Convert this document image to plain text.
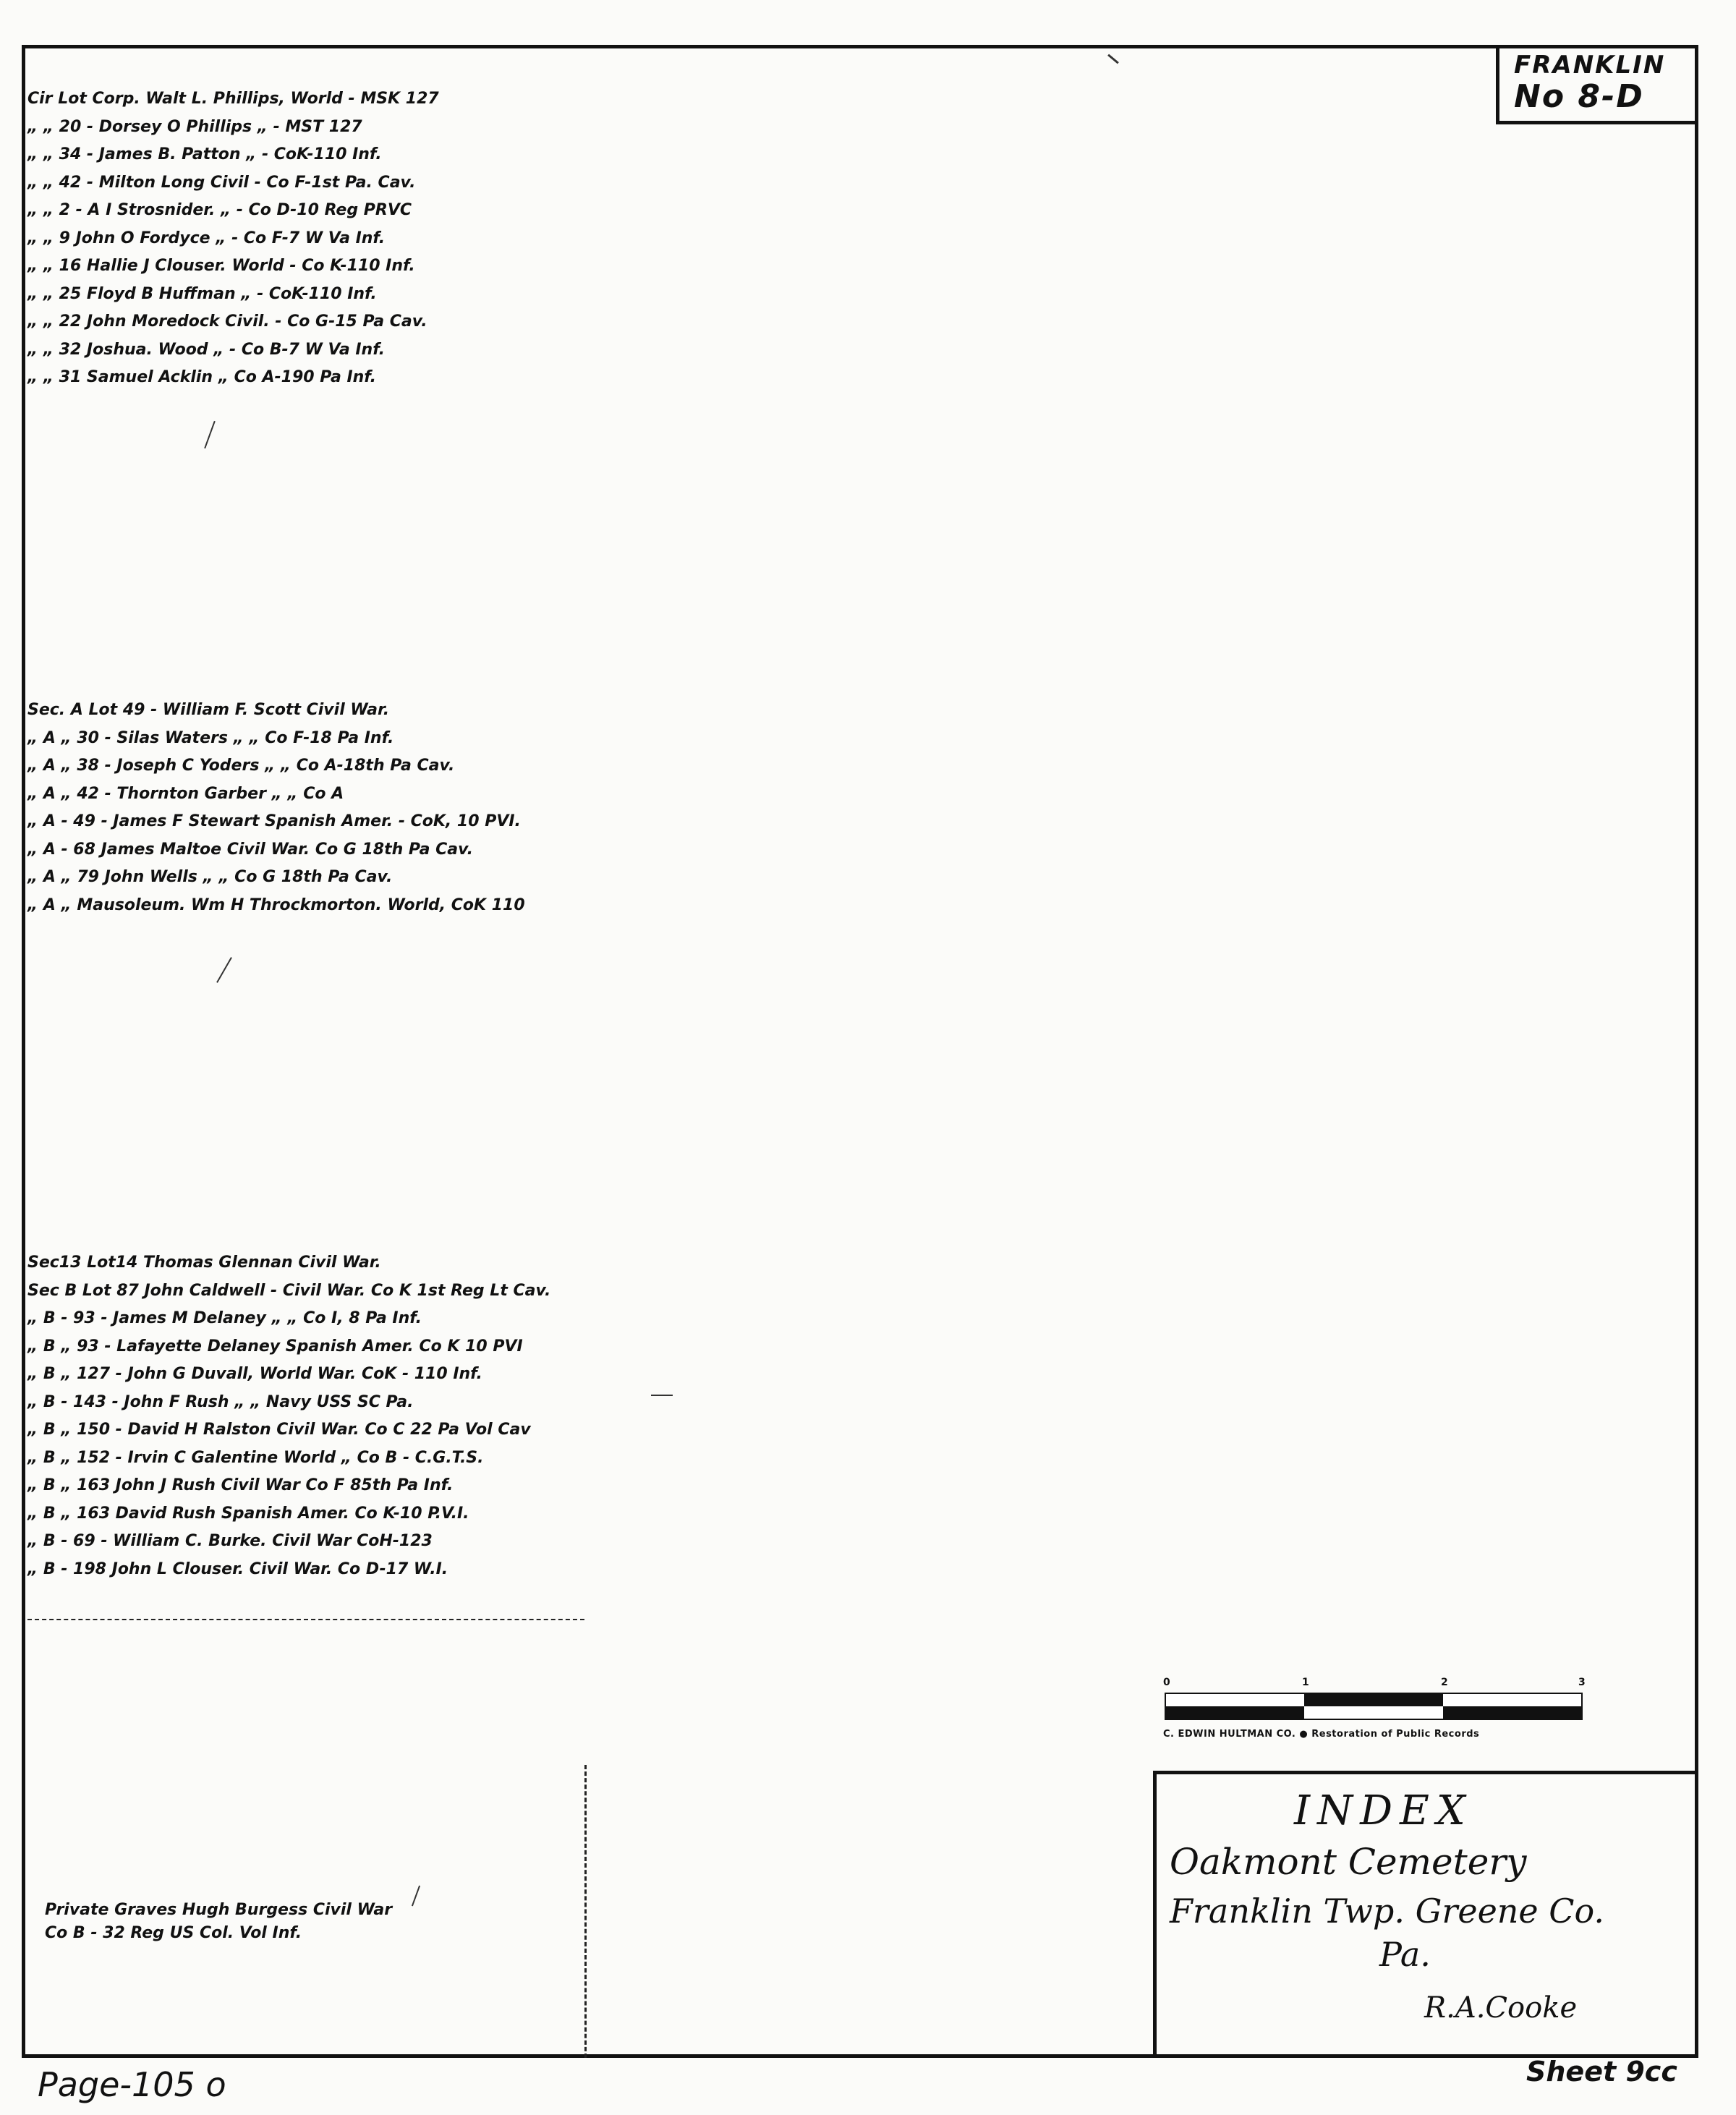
FRANKLIN
No 8-D
Cir Lot Corp. Walt L. Phillips, World - MSK 127
„ „ 20 - Dorsey O Phillips „ - MST 127
„ „ 34 - James B. Patton „ - CoK-110 Inf.
„ „ 42 - Milton Long Civil - Co F-1st Pa. Cav.
„ „ 2 - A I Strosnider. „ - Co D-10 Reg PRVC
„ „ 9 John O Fordyce „ - Co F-7 W Va Inf.
„ „ 16 Hallie J Clouser. World - Co K-110 Inf.
„ „ 25 Floyd B Huffman „ - CoK-110 Inf.
„ „ 22 John Moredock Civil. - Co G-15 Pa Cav.
„ „ 32 Joshua. Wood „ - Co B-7 W Va Inf.
„ „ 31 Samuel Acklin „ Co A-190 Pa Inf.
Sec. A Lot 49 - William F. Scott Civil War.
„ A „ 30 - Silas Waters „ „ Co F-18 Pa Inf.
„ A „ 38 - Joseph C Yoders „ „ Co A-18th Pa Cav.
„ A „ 42 - Thornton Garber „ „ Co A
„ A - 49 - James F Stewart Spanish Amer. - CoK, 10 PVI.
„ A - 68 James Maltoe Civil War. Co G 18th Pa Cav.
„ A „ 79 John Wells „ „ Co G 18th Pa Cav.
„ A „ Mausoleum. Wm H Throckmorton. World, CoK 110
Sec13 Lot14 Thomas Glennan Civil War.
Sec B Lot 87 John Caldwell - Civil War. Co K 1st Reg Lt Cav.
„ B - 93 - James M Delaney „ „ Co I, 8 Pa Inf.
„ B „ 93 - Lafayette Delaney Spanish Amer. Co K 10 PVI
„ B „ 127 - John G Duvall, World War. CoK - 110 Inf.
„ B - 143 - John F Rush „ „ Navy USS SC Pa.
„ B „ 150 - David H Ralston Civil War. Co C 22 Pa Vol Cav
„ B „ 152 - Irvin C Galentine World „ Co B - C.G.T.S.
„ B „ 163 John J Rush Civil War Co F 85th Pa Inf.
„ B „ 163 David Rush Spanish Amer. Co K-10 P.V.I.
„ B - 69 - William C. Burke. Civil War CoH-123
„ B - 198 John L Clouser. Civil War. Co D-17 W.I.
Private Graves Hugh Burgess Civil War
Co B - 32 Reg US Col. Vol Inf.
0	1	2	3
C. EDWIN HULTMAN CO. ● Restoration of Public Records
INDEX
Oakmont Cemetery
Franklin Twp. Greene Co.
Pa.
R.A.Cooke
Page-105 o	Sheet 9cc
